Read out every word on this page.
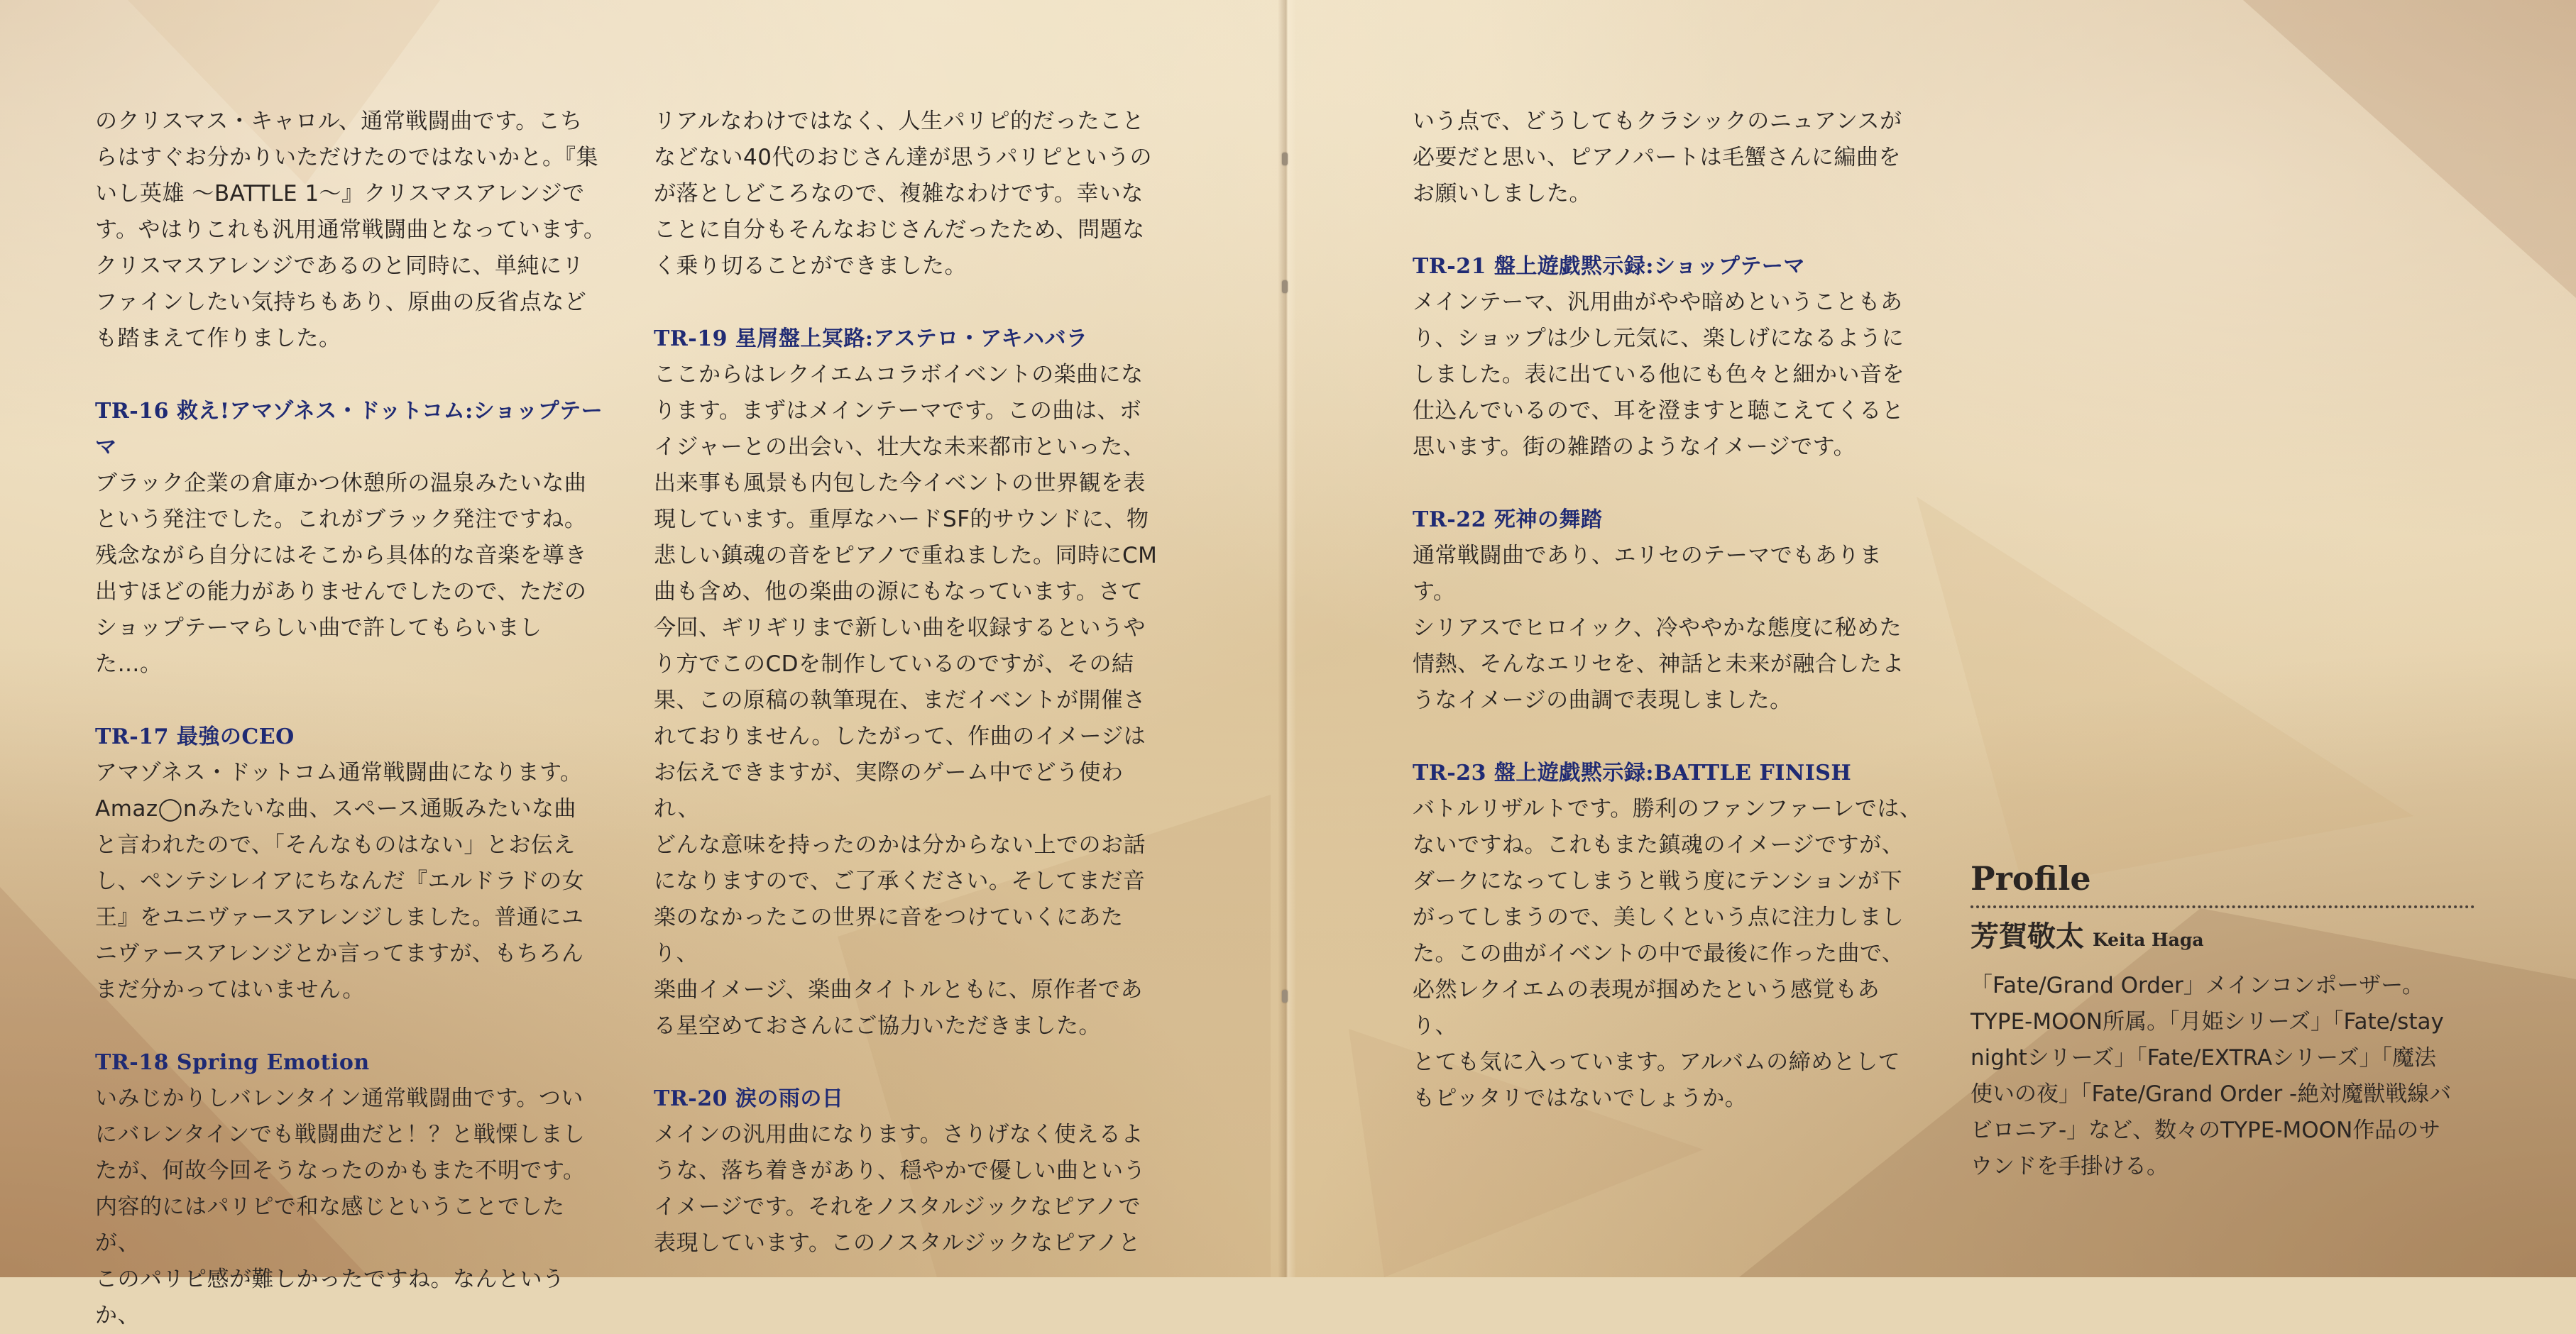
のクリスマス・キャロル、通常戦闘曲です。こち
らはすぐお分かりいただけたのではないかと。『集
いし英雄 〜BATTLE 1〜』クリスマスアレンジで
す。やはりこれも汎用通常戦闘曲となっています。
クリスマスアレンジであるのと同時に、単純にリ
ファインしたい気持ちもあり、原曲の反省点など
も踏まえて作りました。

TR-16 救え!アマゾネス・ドットコム:ショップテーマ

ブラック企業の倉庫かつ休憩所の温泉みたいな曲
という発注でした。これがブラック発注ですね。
残念ながら自分にはそこから具体的な音楽を導き
出すほどの能力がありませんでしたので、ただの
ショップテーマらしい曲で許してもらいました…。

TR-17 最強のCEO

アマゾネス・ドットコム通常戦闘曲になります。
Amaz◯nみたいな曲、スペース通販みたいな曲
と言われたので、「そんなものはない」とお伝え
し、ペンテシレイアにちなんだ『エルドラドの女
王』をユニヴァースアレンジしました。普通にユ
ニヴァースアレンジとか言ってますが、もちろん
まだ分かってはいません。

TR-18 Spring Emotion

いみじかりしバレンタイン通常戦闘曲です。つい
にバレンタインでも戦闘曲だと！？と戦慄しまし
たが、何故今回そうなったのかもまた不明です。
内容的にはパリピで和な感じということでしたが、
このパリピ感が難しかったですね。なんというか、

リアルなわけではなく、人生パリピ的だったこと
などない40代のおじさん達が思うパリピというの
が落としどころなので、複雑なわけです。幸いな
ことに自分もそんなおじさんだったため、問題な
く乗り切ることができました。

TR-19 星屑盤上冥路:アステロ・アキハバラ

ここからはレクイエムコラボイベントの楽曲にな
ります。まずはメインテーマです。この曲は、ボ
イジャーとの出会い、壮大な未来都市といった、
出来事も風景も内包した今イベントの世界観を表
現しています。重厚なハードSF的サウンドに、物
悲しい鎮魂の音をピアノで重ねました。同時にCM
曲も含め、他の楽曲の源にもなっています。さて
今回、ギリギリまで新しい曲を収録するというや
り方でこのCDを制作しているのですが、その結
果、この原稿の執筆現在、まだイベントが開催さ
れておりません。したがって、作曲のイメージは
お伝えできますが、実際のゲーム中でどう使われ、
どんな意味を持ったのかは分からない上でのお話
になりますので、ご了承ください。そしてまだ音
楽のなかったこの世界に音をつけていくにあたり、
楽曲イメージ、楽曲タイトルともに、原作者であ
る星空めておさんにご協力いただきました。

TR-20 涙の雨の日

メインの汎用曲になります。さりげなく使えるよ
うな、落ち着きがあり、穏やかで優しい曲という
イメージです。それをノスタルジックなピアノで
表現しています。このノスタルジックなピアノと

いう点で、どうしてもクラシックのニュアンスが
必要だと思い、ピアノパートは毛蟹さんに編曲を
お願いしました。

TR-21 盤上遊戯黙示録:ショップテーマ

メインテーマ、汎用曲がやや暗めということもあ
り、ショップは少し元気に、楽しげになるように
しました。表に出ている他にも色々と細かい音を
仕込んでいるので、耳を澄ますと聴こえてくると
思います。街の雑踏のようなイメージです。

TR-22 死神の舞踏

通常戦闘曲であり、エリセのテーマでもあります。
シリアスでヒロイック、冷ややかな態度に秘めた
情熱、そんなエリセを、神話と未来が融合したよ
うなイメージの曲調で表現しました。

TR-23 盤上遊戯黙示録:BATTLE FINISH

バトルリザルトです。勝利のファンファーレでは、
ないですね。これもまた鎮魂のイメージですが、
ダークになってしまうと戦う度にテンションが下
がってしまうので、美しくという点に注力しまし
た。この曲がイベントの中で最後に作った曲で、
必然レクイエムの表現が掴めたという感覚もあり、
とても気に入っています。アルバムの締めとして
もピッタリではないでしょうか。

Profile
芳賀敬太 Keita Haga

「Fate/Grand Order」メインコンポーザー。
TYPE-MOON所属。「月姫シリーズ」「Fate/stay
nightシリーズ」「Fate/EXTRAシリーズ」「魔法
使いの夜」「Fate/Grand Order -絶対魔獣戦線バ
ビロニア-」など、数々のTYPE-MOON作品のサ
ウンドを手掛ける。
